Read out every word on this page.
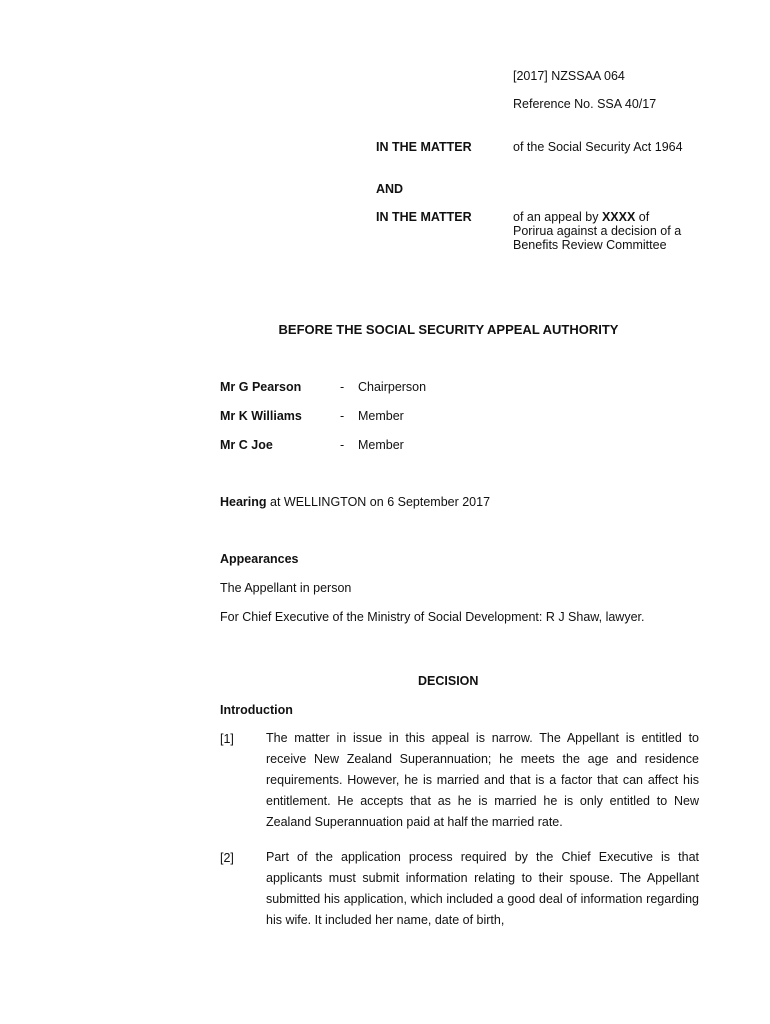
[2017] NZSSAA 064
Reference No. SSA 40/17
IN THE MATTER	of the Social Security Act 1964
AND
IN THE MATTER	of an appeal by XXXX of Porirua against a decision of a Benefits Review Committee
BEFORE THE SOCIAL SECURITY APPEAL AUTHORITY
Mr G Pearson	- Chairperson
Mr K Williams	- Member
Mr C Joe	- Member
Hearing at WELLINGTON on 6 September 2017
Appearances
The Appellant in person
For Chief Executive of the Ministry of Social Development: R J Shaw, lawyer.
DECISION
Introduction
[1]	The matter in issue in this appeal is narrow. The Appellant is entitled to receive New Zealand Superannuation; he meets the age and residence requirements. However, he is married and that is a factor that can affect his entitlement. He accepts that as he is married he is only entitled to New Zealand Superannuation paid at half the married rate.
[2]	Part of the application process required by the Chief Executive is that applicants must submit information relating to their spouse. The Appellant submitted his application, which included a good deal of information regarding his wife. It included her name, date of birth,
